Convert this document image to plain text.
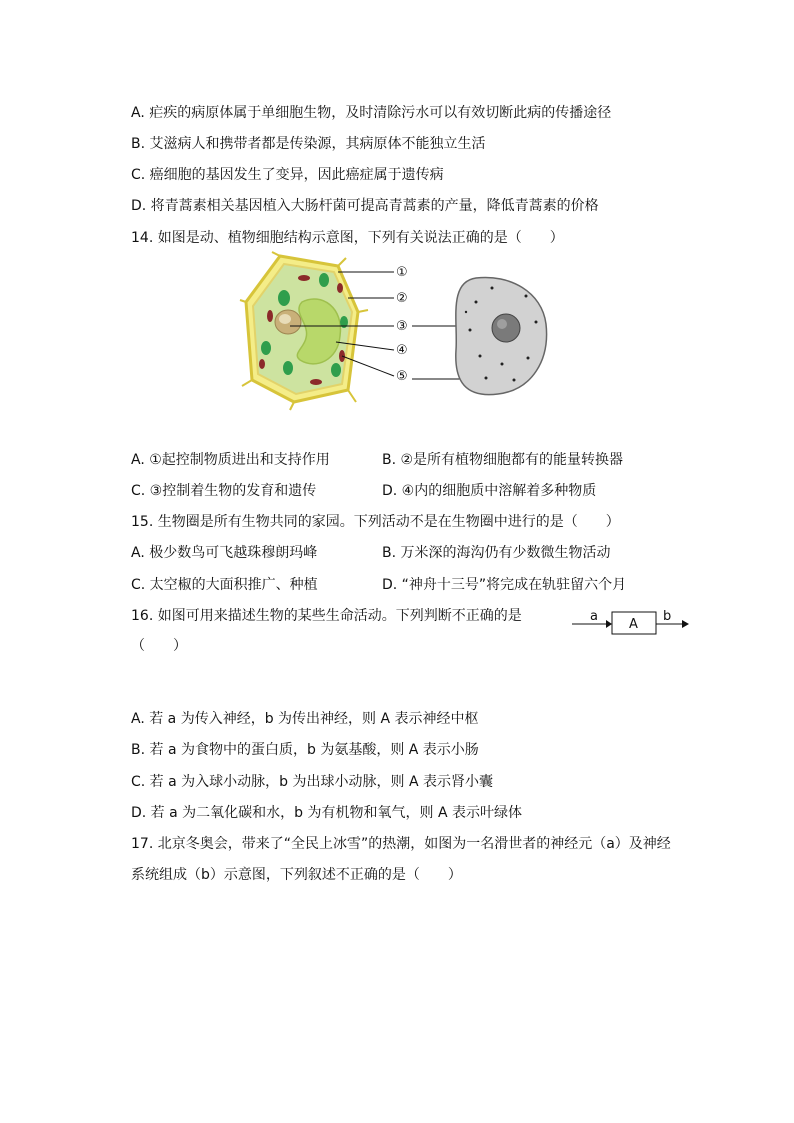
A. 疟疾的病原体属于单细胞生物，及时清除污水可以有效切断此病的传播途径
B. 艾滋病人和携带者都是传染源，其病原体不能独立生活
C. 癌细胞的基因发生了变异，因此癌症属于遗传病
D. 将青蒿素相关基因植入大肠杆菌可提高青蒿素的产量，降低青蒿素的价格
14. 如图是动、植物细胞结构示意图，下列有关说法正确的是（　　）
①
②
③
④
⑤
A. ①起控制物质进出和支持作用	B. ②是所有植物细胞都有的能量转换器
C. ③控制着生物的发育和遗传	D. ④内的细胞质中溶解着多种物质
15. 生物圈是所有生物共同的家园。下列活动不是在生物圈中进行的是（　　）
A. 极少数鸟可飞越珠穆朗玛峰	B. 万米深的海沟仍有少数微生物活动
C. 太空椒的大面积推广、种植	D. “神舟十三号”将完成在轨驻留六个月
16. 如图可用来描述生物的某些生命活动。下列判断不正确的是
（　　）
a
A
b
A. 若 a 为传入神经，b 为传出神经，则 A 表示神经中枢
B. 若 a 为食物中的蛋白质，b 为氨基酸，则 A 表示小肠
C. 若 a 为入球小动脉，b 为出球小动脉，则 A 表示肾小囊
D. 若 a 为二氧化碳和水，b 为有机物和氧气，则 A 表示叶绿体
17. 北京冬奥会，带来了“全民上冰雪”的热潮，如图为一名滑世者的神经元（a）及神经
系统组成（b）示意图，下列叙述不正确的是（　　）
